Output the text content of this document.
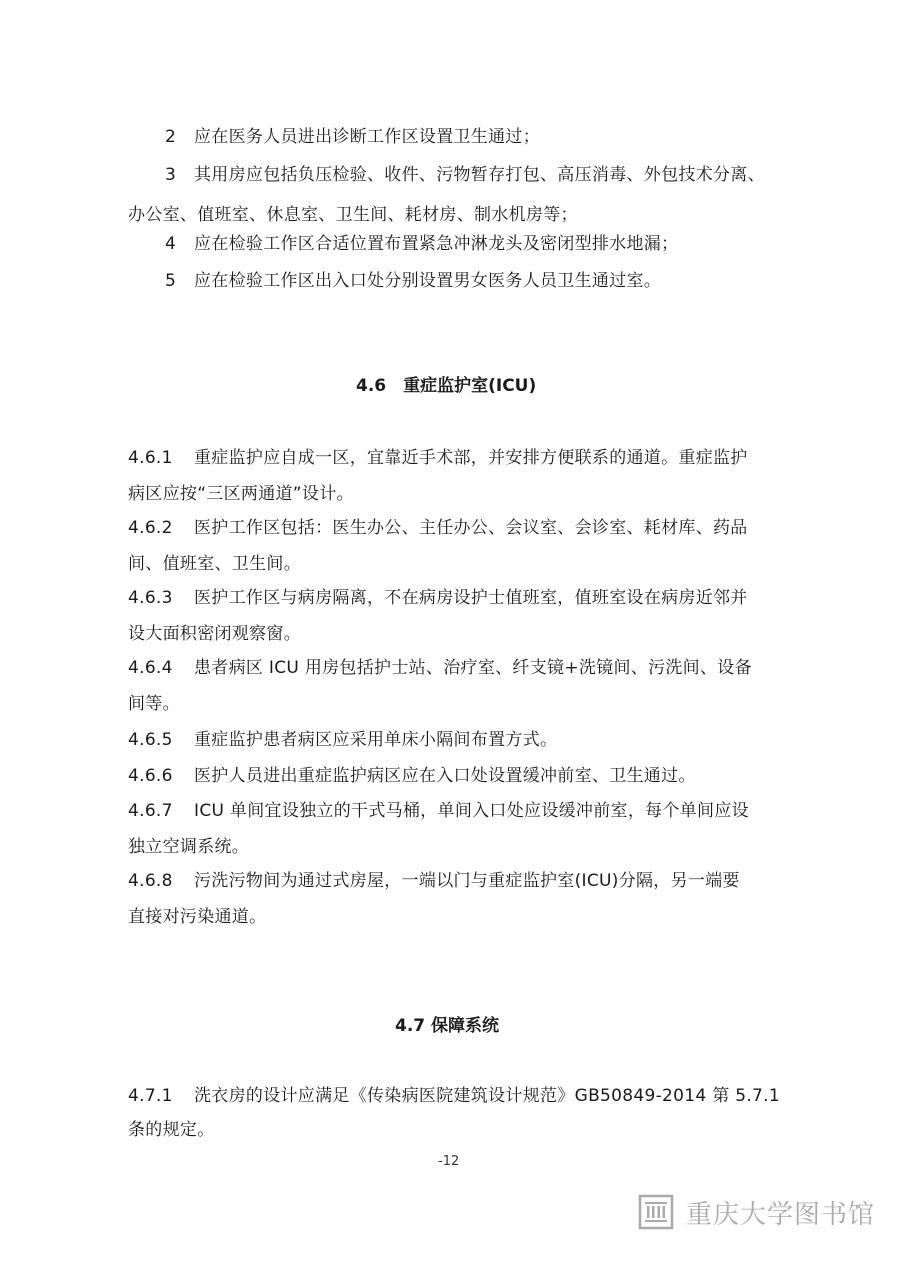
2 应在医务人员进出诊断工作区设置卫生通过；
3 其用房应包括负压检验、收件、污物暂存打包、高压消毒、外包技术分离、
办公室、值班室、休息室、卫生间、耗材房、制水机房等；
4 应在检验工作区合适位置布置紧急冲淋龙头及密闭型排水地漏；
5 应在检验工作区出入口处分别设置男女医务人员卫生通过室。
4.6　重症监护室(ICU)
4.6.1 重症监护应自成一区，宜靠近手术部，并安排方便联系的通道。重症监护
病区应按“三区两通道”设计。
4.6.2 医护工作区包括：医生办公、主任办公、会议室、会诊室、耗材库、药品
间、值班室、卫生间。
4.6.3 医护工作区与病房隔离，不在病房设护士值班室，值班室设在病房近邻并
设大面积密闭观察窗。
4.6.4 患者病区 ICU 用房包括护士站、治疗室、纤支镜+洗镜间、污洗间、设备
间等。
4.6.5 重症监护患者病区应采用单床小隔间布置方式。
4.6.6 医护人员进出重症监护病区应在入口处设置缓冲前室、卫生通过。
4.6.7 ICU 单间宜设独立的干式马桶，单间入口处应设缓冲前室，每个单间应设
独立空调系统。
4.6.8 污洗污物间为通过式房屋，一端以门与重症监护室(ICU)分隔，另一端要
直接对污染通道。
4.7 保障系统
4.7.1 洗衣房的设计应满足《传染病医院建筑设计规范》GB50849-2014 第 5.7.1
条的规定。
-12
重庆大学图书馆
